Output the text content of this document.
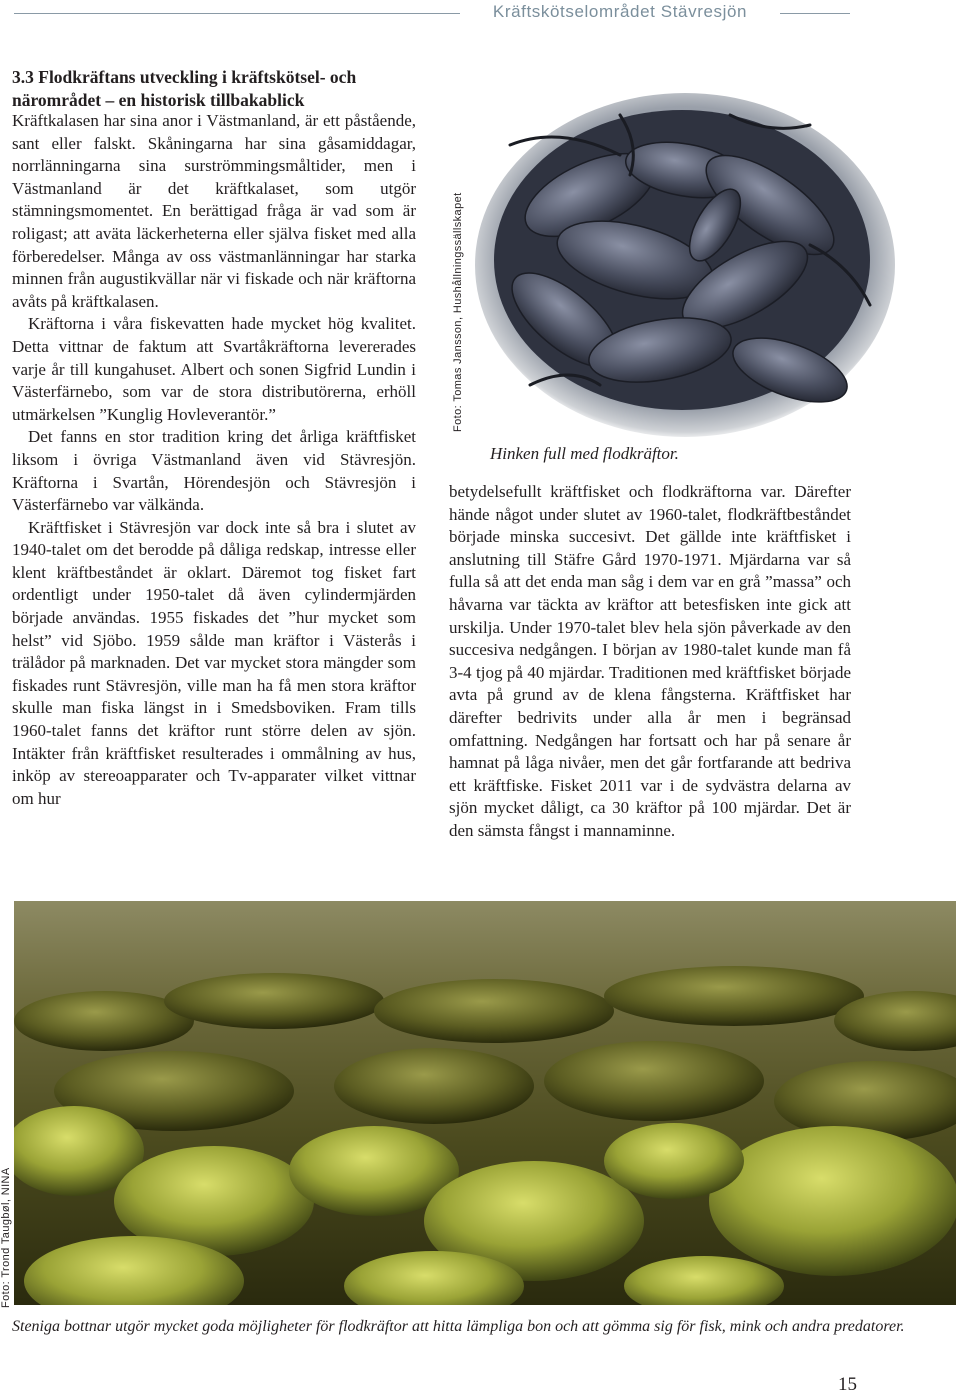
Kräftskötselområdet Stävresjön
3.3 Flodkräftans utveckling i kräftskötsel- och närområdet – en historisk tillbakablick

Kräftkalasen har sina anor i Västmanland, är ett påstående, sant eller falskt. Skåningarna har sina gåsamiddagar, norrlänningarna sina surströmmingsmåltider, men i Västmanland är det kräftkalaset, som utgör stämningsmomentet. En berättigad fråga är vad som är roligast; att aväta läckerheterna eller själva fisket med alla förberedelser. Många av oss västmanlänningar har starka minnen från augustikvällar när vi fiskade och när kräftorna avåts på kräftkalasen.

Kräftorna i våra fiskevatten hade mycket hög kvalitet. Detta vittnar de faktum att Svartåkräftorna levererades varje år till kungahuset. Albert och sonen Sigfrid Lundin i Västerfärnebo, som var de stora distributörerna, erhöll utmärkelsen ”Kunglig Hovleverantör.”

Det fanns en stor tradition kring det årliga kräftfisket liksom i övriga Västmanland även vid Stävresjön. Kräftorna i Svartån, Hörendesjön och Stävresjön i Västerfärnebo var välkända.

Kräftfisket i Stävresjön var dock inte så bra i slutet av 1940-talet om det berodde på dåliga redskap, intresse eller klent kräftbeståndet är oklart. Däremot tog fisket fart ordentligt under 1950-talet då även cylindermjärden började användas. 1955 fiskades det ”hur mycket som helst” vid Sjöbo. 1959 sålde man kräftor i Västerås i trälådor på marknaden. Det var mycket stora mängder som fiskades runt Stävresjön, ville man ha få men stora kräftor skulle man fiska längst in i Smedsboviken. Fram tills 1960-talet fanns det kräftor runt större delen av sjön. Intäkter från kräftfisket resulterades i ommålning av hus, inköp av stereoapparater och Tv-apparater vilket vittnar om hur

Foto: Tomas Jansson, Hushållningssällskapet
Hinken full med flodkräftor.

betydelsefullt kräftfisket och flodkräftorna var. Därefter hände något under slutet av 1960-talet, flodkräftbeståndet började minska succesivt. Det gällde inte kräftfisket i anslutning till Stäfre Gård 1970-1971. Mjärdarna var så fulla så att det enda man såg i dem var en grå ”massa” och håvarna var täckta av kräftor att betesfisken inte gick att urskilja. Under 1970-talet blev hela sjön påverkade av den succesiva nedgången. I början av 1980-talet kunde man få 3-4 tjog på 40 mjärdar. Traditionen med kräftfisket började avta på grund av de klena fångsterna. Kräftfisket har därefter bedrivits under alla år men i begränsad omfattning. Nedgången har fortsatt och har på senare år hamnat på låga nivåer, men det går fortfarande att bedriva ett kräftfiske. Fisket 2011 var i de sydvästra delarna av sjön mycket dåligt, ca 30 kräftor på 100 mjärdar. Det är den sämsta fångst i mannaminne.

Foto: Trond Taugbøl, NINA
Steniga bottnar utgör mycket goda möjligheter för flodkräftor att hitta lämpliga bon och att gömma sig för fisk, mink och andra predatorer.
15
